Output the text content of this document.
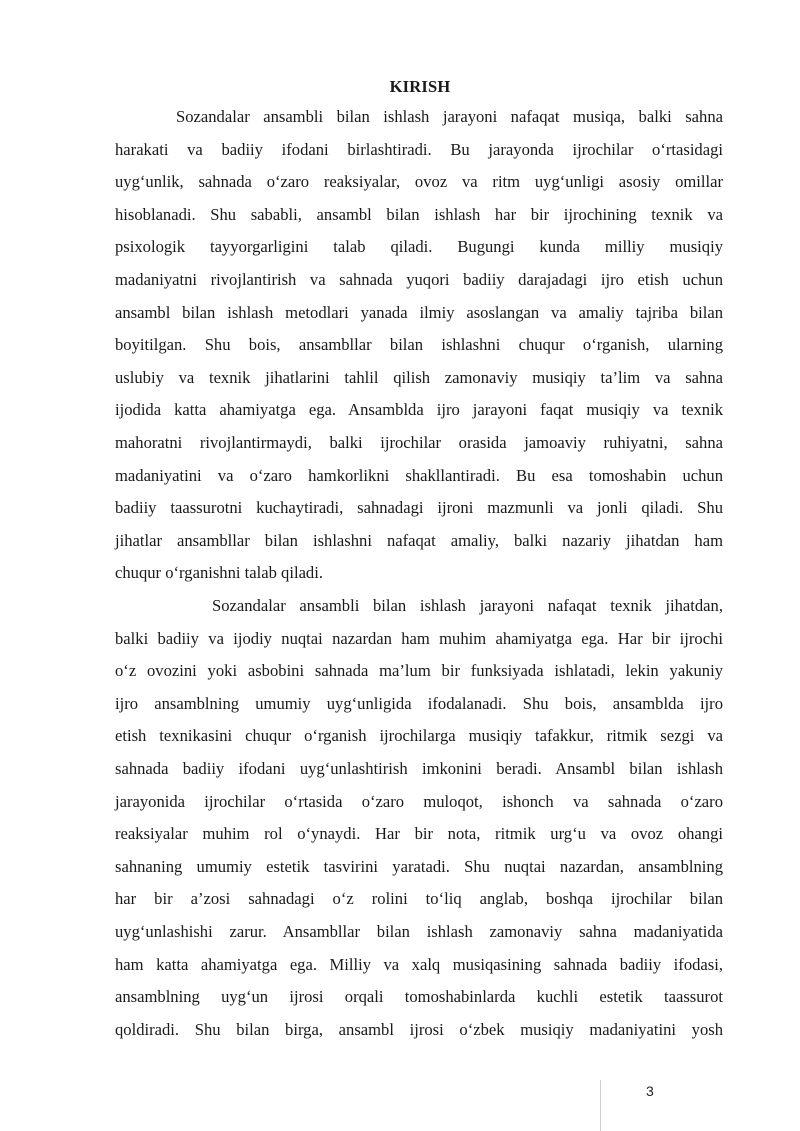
KIRISH
Sozandalar ansambli bilan ishlash jarayoni nafaqat musiqa, balki sahna
harakati va badiiy ifodani birlashtiradi. Bu jarayonda ijrochilar o‘rtasidagi
uyg‘unlik, sahnada o‘zaro reaksiyalar, ovoz va ritm uyg‘unligi asosiy omillar
hisoblanadi. Shu sababli, ansambl bilan ishlash har bir ijrochining texnik va
psixologik tayyorgarligini talab qiladi. Bugungi kunda milliy musiqiy
madaniyatni rivojlantirish va sahnada yuqori badiiy darajadagi ijro etish uchun
ansambl bilan ishlash metodlari yanada ilmiy asoslangan va amaliy tajriba bilan
boyitilgan. Shu bois, ansambllar bilan ishlashni chuqur o‘rganish, ularning
uslubiy va texnik jihatlarini tahlil qilish zamonaviy musiqiy ta’lim va sahna
ijodida katta ahamiyatga ega. Ansamblda ijro jarayoni faqat musiqiy va texnik
mahoratni rivojlantirmaydi, balki ijrochilar orasida jamoaviy ruhiyatni, sahna
madaniyatini va o‘zaro hamkorlikni shakllantiradi. Bu esa tomoshabin uchun
badiiy taassurotni kuchaytiradi, sahnadagi ijroni mazmunli va jonli qiladi. Shu
jihatlar ansambllar bilan ishlashni nafaqat amaliy, balki nazariy jihatdan ham
chuqur o‘rganishni talab qiladi.
Sozandalar ansambli bilan ishlash jarayoni nafaqat texnik jihatdan,
balki badiiy va ijodiy nuqtai nazardan ham muhim ahamiyatga ega. Har bir ijrochi
o‘z ovozini yoki asbobini sahnada ma’lum bir funksiyada ishlatadi, lekin yakuniy
ijro ansamblning umumiy uyg‘unligida ifodalanadi. Shu bois, ansamblda ijro
etish texnikasini chuqur o‘rganish ijrochilarga musiqiy tafakkur, ritmik sezgi va
sahnada badiiy ifodani uyg‘unlashtirish imkonini beradi. Ansambl bilan ishlash
jarayonida ijrochilar o‘rtasida o‘zaro muloqot, ishonch va sahnada o‘zaro
reaksiyalar muhim rol o‘ynaydi. Har bir nota, ritmik urg‘u va ovoz ohangi
sahnaning umumiy estetik tasvirini yaratadi. Shu nuqtai nazardan, ansamblning
har bir a’zosi sahnadagi o‘z rolini to‘liq anglab, boshqa ijrochilar bilan
uyg‘unlashishi zarur. Ansambllar bilan ishlash zamonaviy sahna madaniyatida
ham katta ahamiyatga ega. Milliy va xalq musiqasining sahnada badiiy ifodasi,
ansamblning uyg‘un ijrosi orqali tomoshabinlarda kuchli estetik taassurot
qoldiradi. Shu bilan birga, ansambl ijrosi o‘zbek musiqiy madaniyatini yosh
3
